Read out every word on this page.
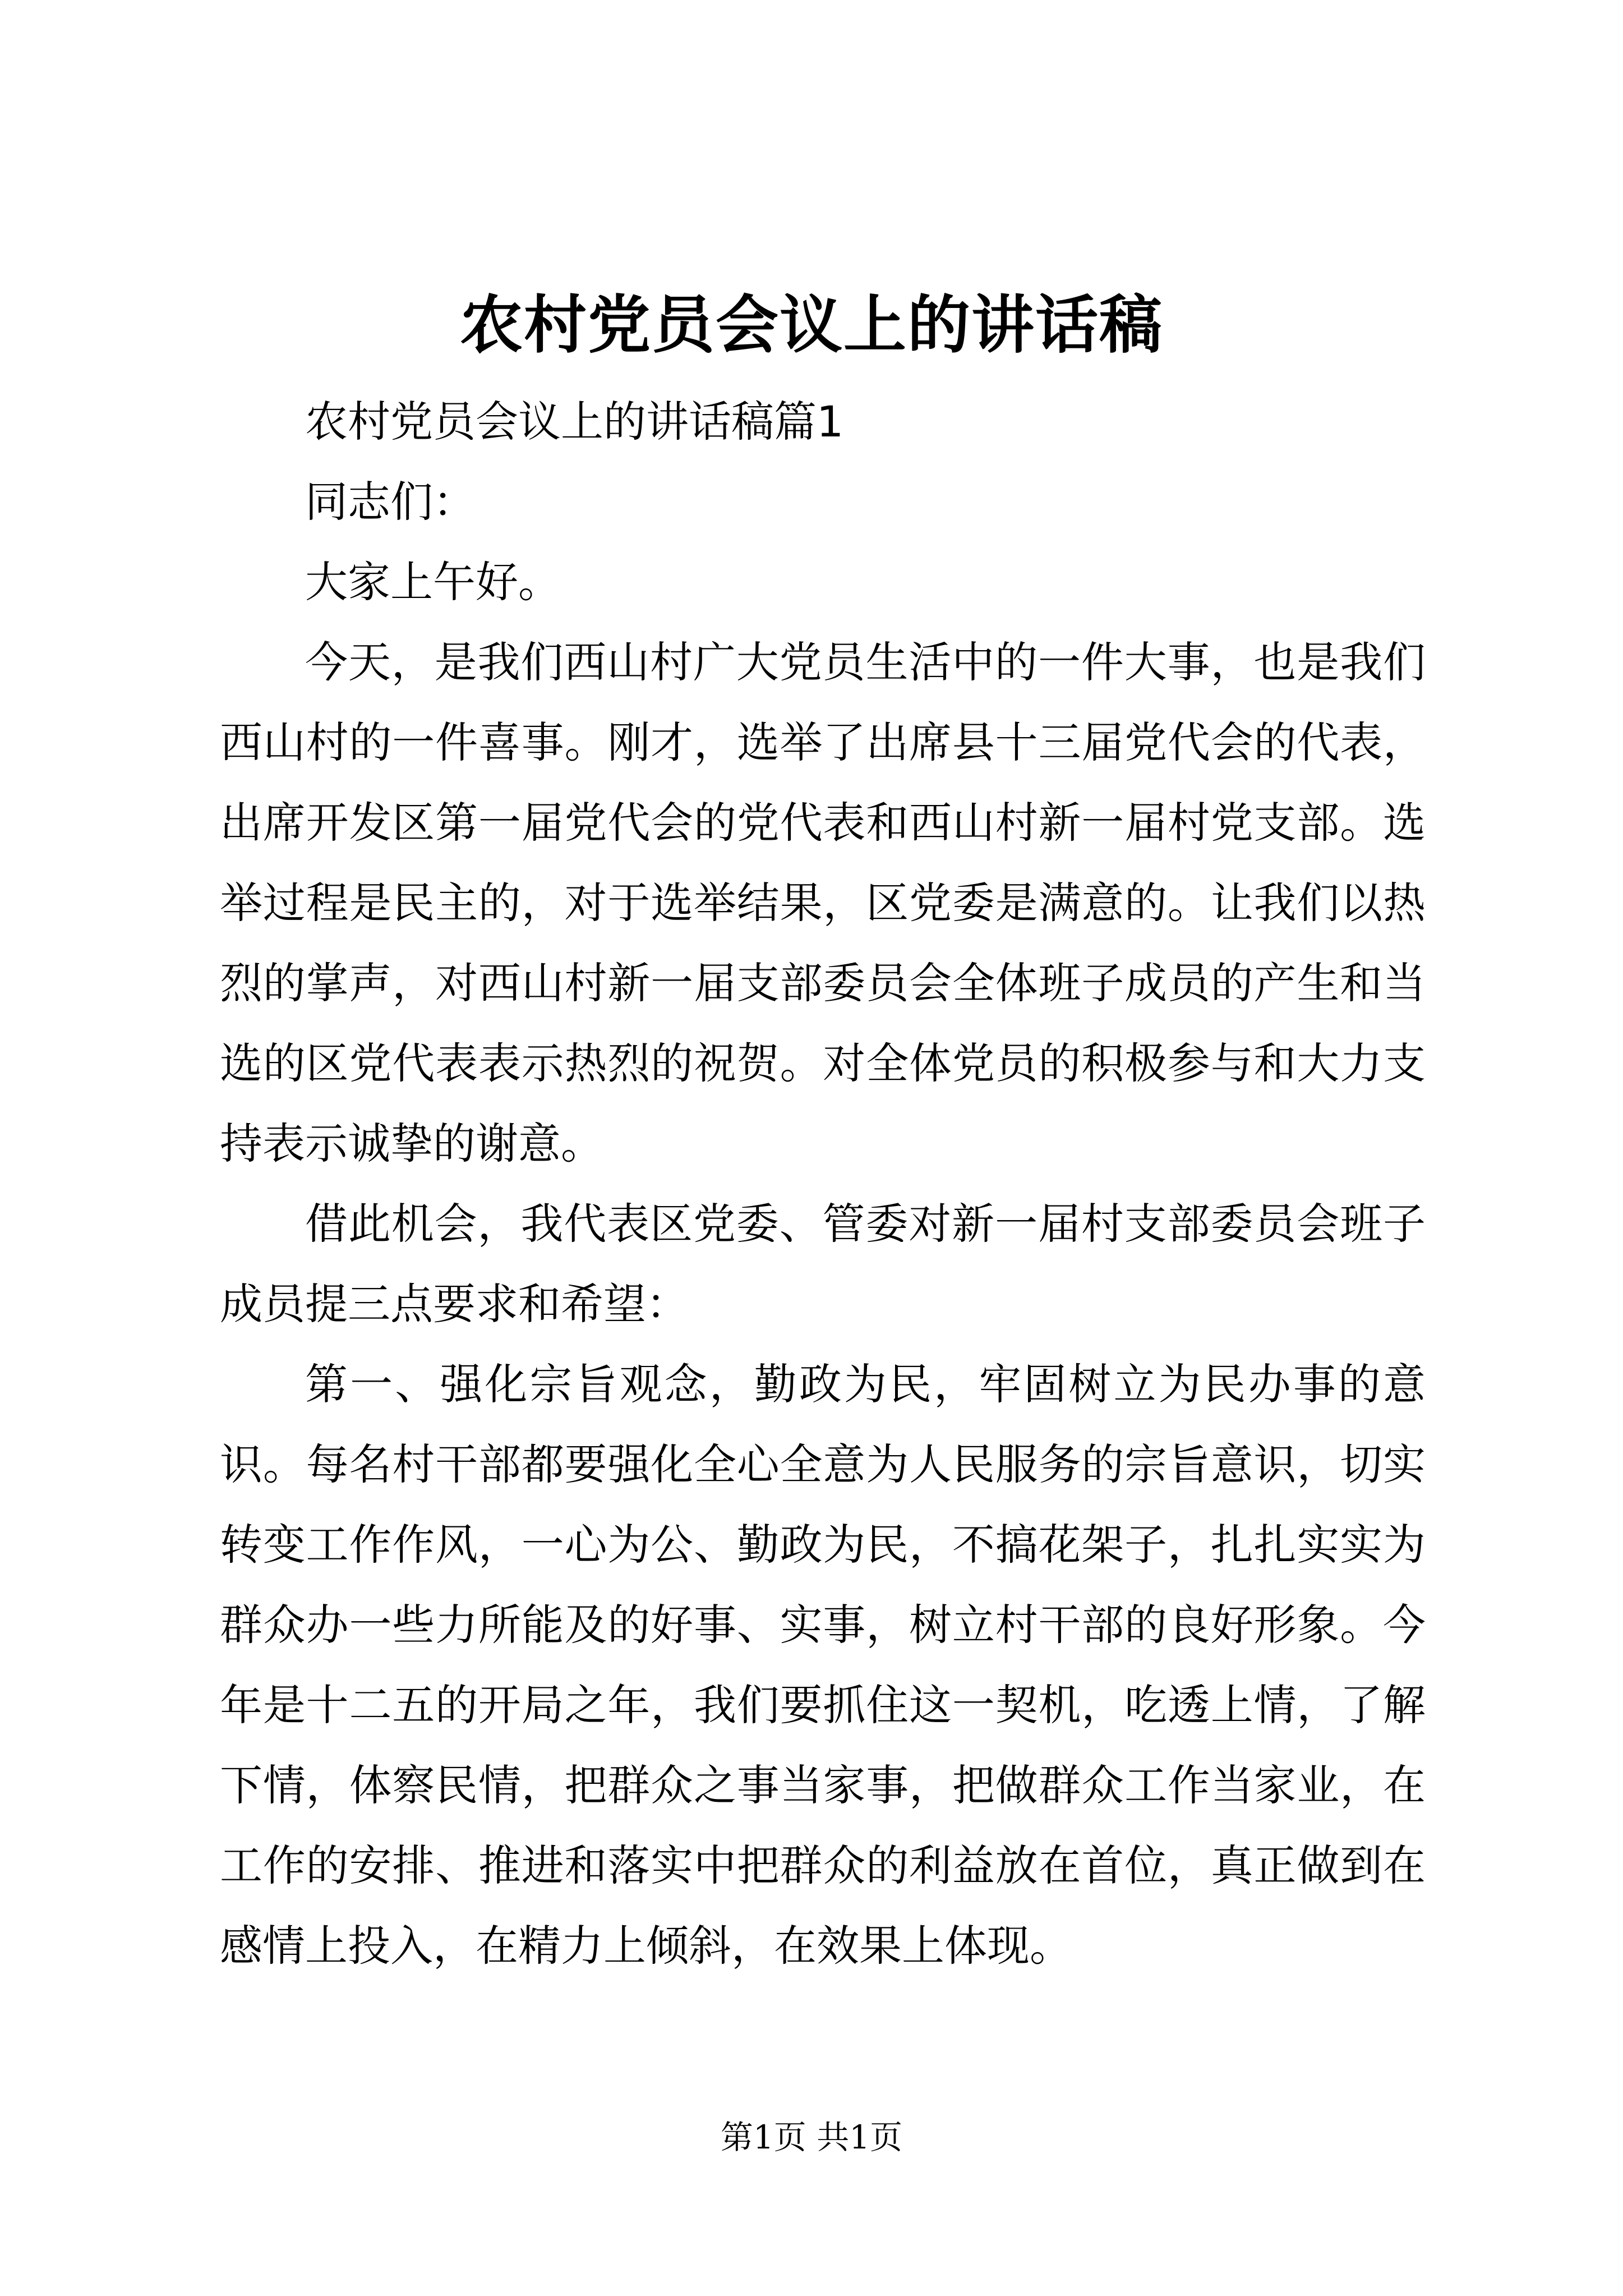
农村党员会议上的讲话稿

农村党员会议上的讲话稿篇1

同志们：

大家上午好。

今天，是我们西山村广大党员生活中的一件大事，也是我们西山村的一件喜事。刚才，选举了出席县十三届党代会的代表，出席开发区第一届党代会的党代表和西山村新一届村党支部。选举过程是民主的，对于选举结果，区党委是满意的。让我们以热烈的掌声，对西山村新一届支部委员会全体班子成员的产生和当选的区党代表表示热烈的祝贺。对全体党员的积极参与和大力支持表示诚挚的谢意。

借此机会，我代表区党委、管委对新一届村支部委员会班子成员提三点要求和希望：

第一、强化宗旨观念，勤政为民，牢固树立为民办事的意识。每名村干部都要强化全心全意为人民服务的宗旨意识，切实转变工作作风，一心为公、勤政为民，不搞花架子，扎扎实实为群众办一些力所能及的好事、实事，树立村干部的良好形象。今年是十二五的开局之年，我们要抓住这一契机，吃透上情，了解下情，体察民情，把群众之事当家事，把做群众工作当家业，在工作的安排、推进和落实中把群众的利益放在首位，真正做到在感情上投入，在精力上倾斜，在效果上体现。

第1页 共1页
